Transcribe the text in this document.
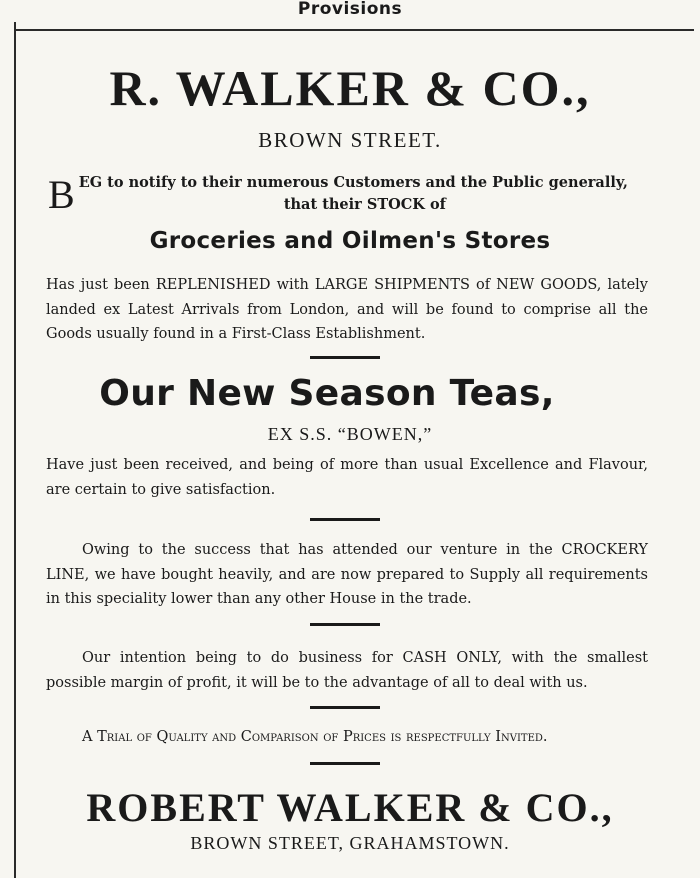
Provisions
R. WALKER & CO.,
BROWN STREET.
B EG to notify to their numerous Customers and the Public generally,
that their STOCK of
Groceries and Oilmen's Stores
Has just been REPLENISHED with LARGE SHIPMENTS of NEW GOODS, lately landed ex Latest Arrivals from London, and will be found to comprise all the Goods usually found in a First-Class Establishment.
Our New Season Teas,
EX S.S. “BOWEN,”
Have just been received, and being of more than usual Excellence and Flavour, are certain to give satisfaction.
Owing to the success that has attended our venture in the CROCKERY LINE, we have bought heavily, and are now prepared to Supply all requirements in this speciality lower than any other House in the trade.
Our intention being to do business for CASH ONLY, with the smallest possible margin of profit, it will be to the advantage of all to deal with us.
A Trial of Quality and Comparison of Prices is respectfully Invited.
ROBERT WALKER & CO.,
BROWN STREET, GRAHAMSTOWN.
